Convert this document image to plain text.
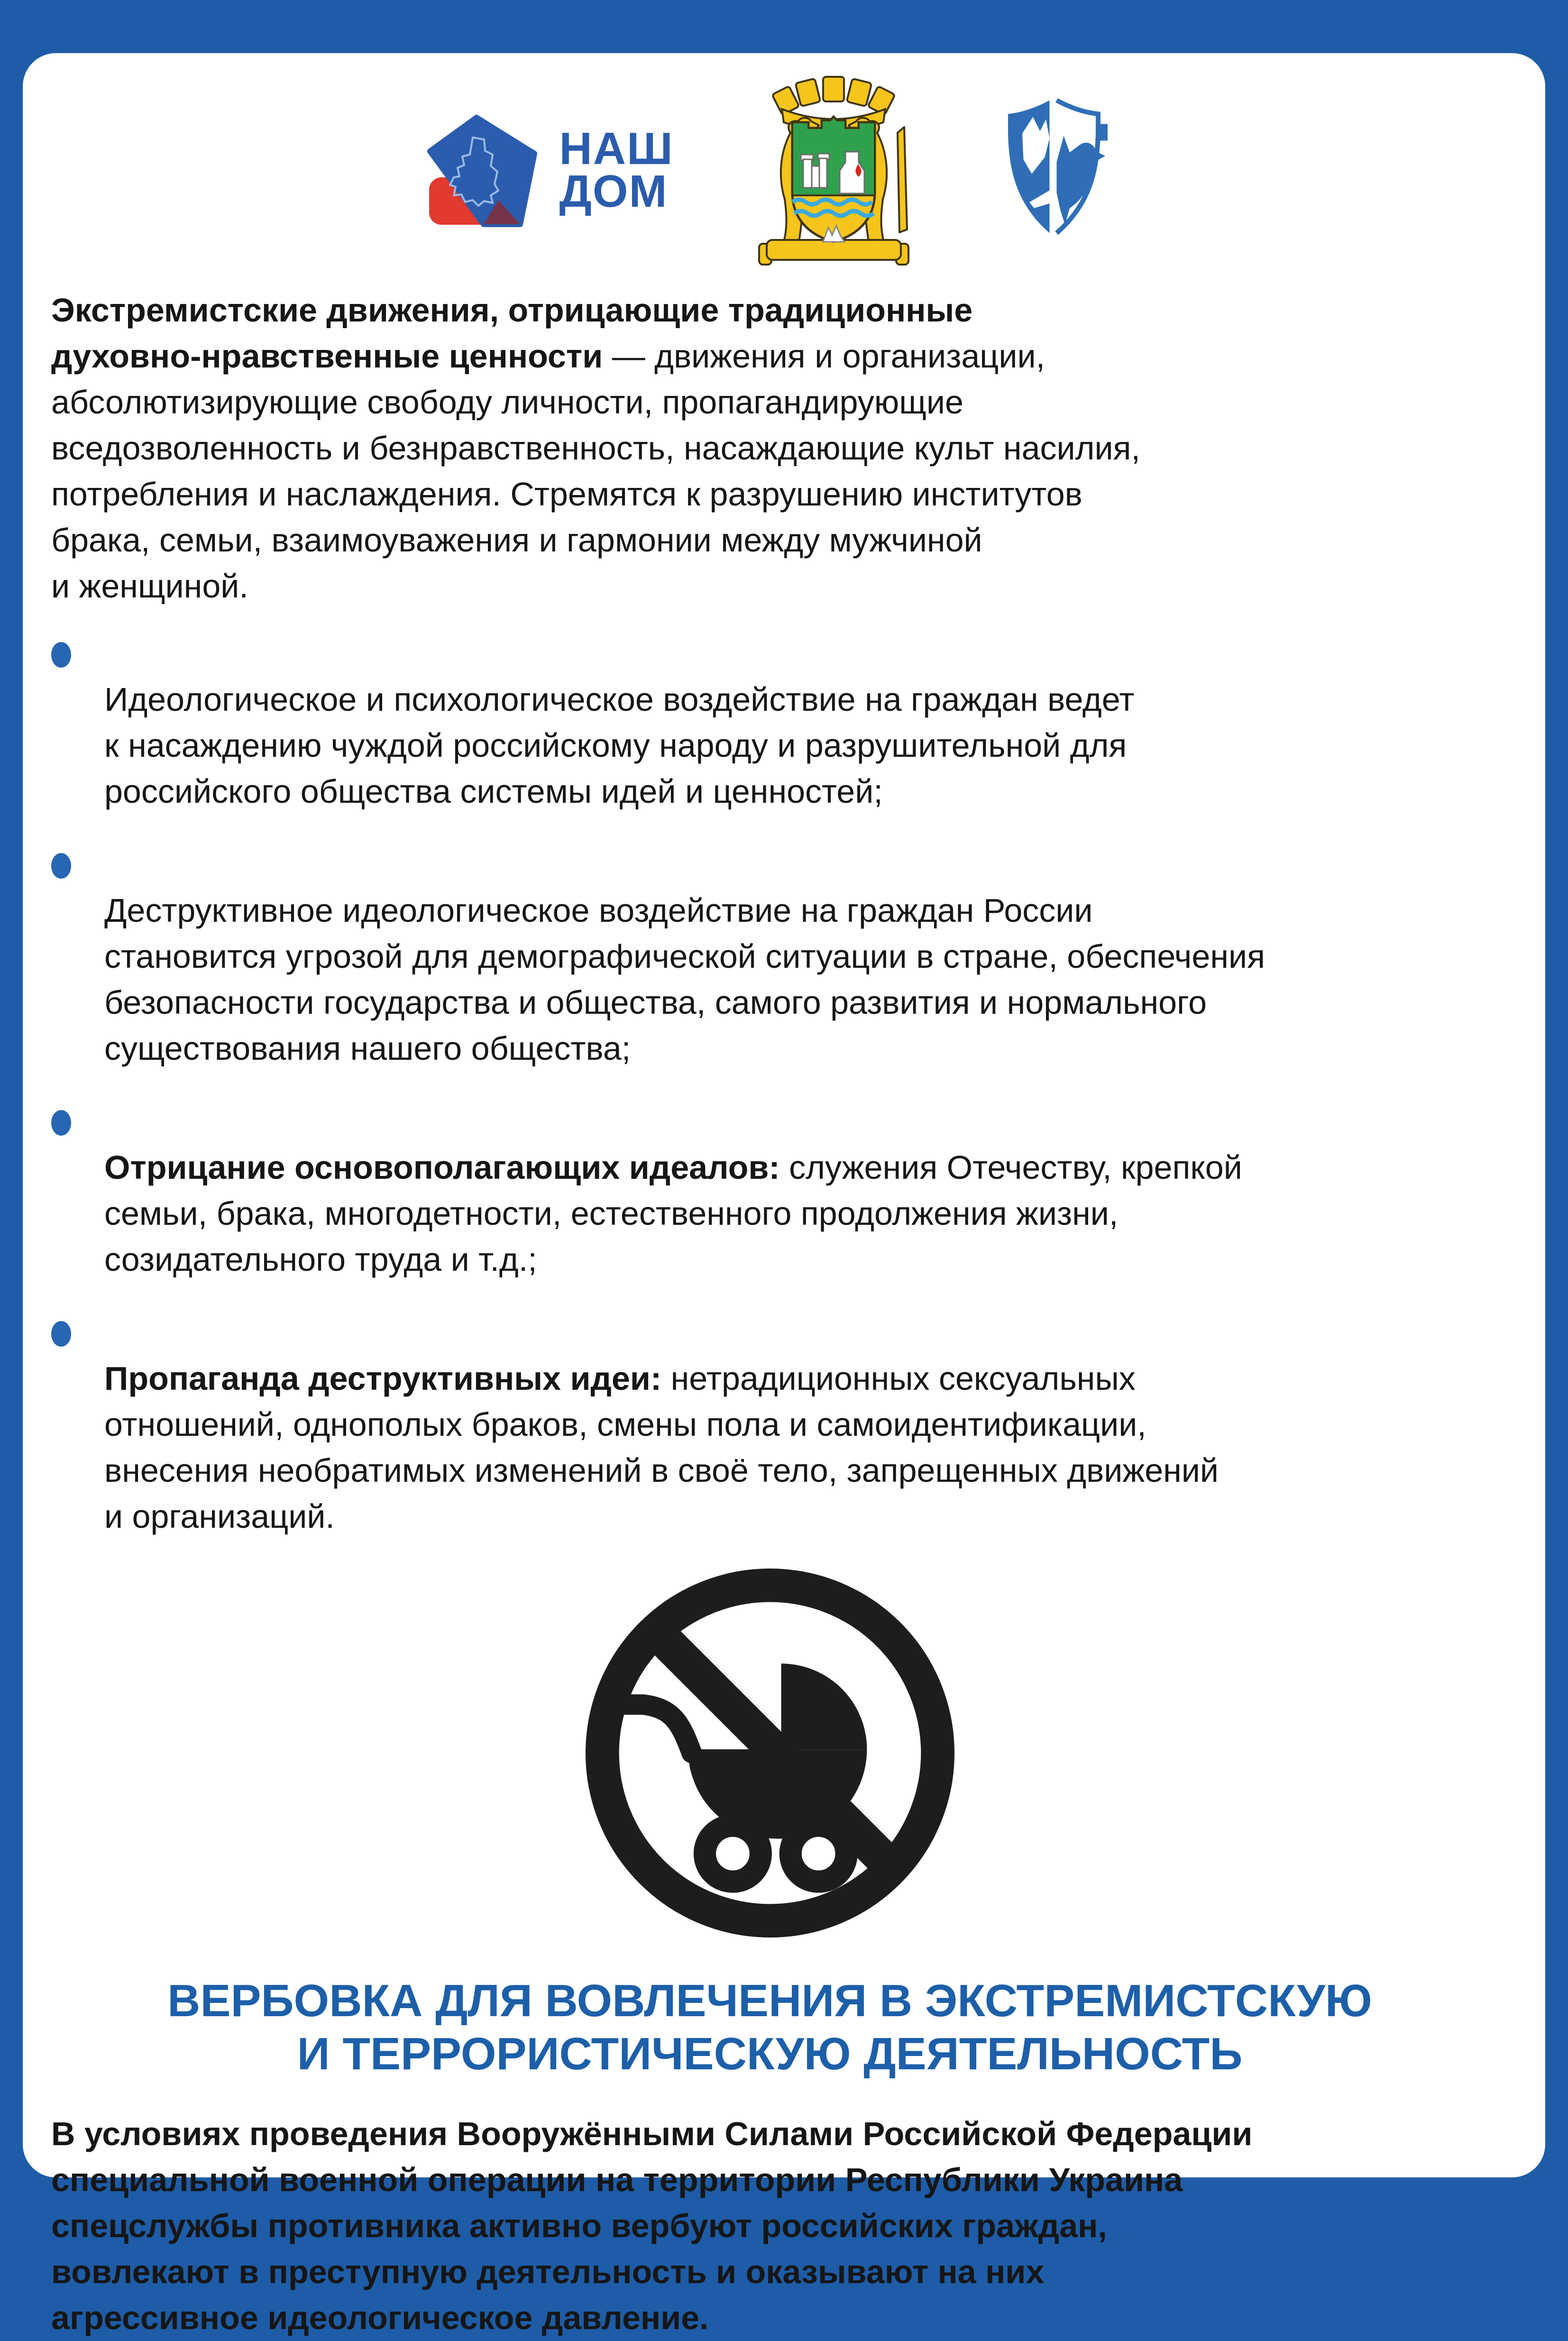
НАШ
ДОМ

Экстремистские движения, отрицающие традиционные
духовно-нравственные ценности — движения и организации,
абсолютизирующие свободу личности, пропагандирующие
вседозволенность и безнравственность, насаждающие культ насилия,
потребления и наслаждения. Стремятся к разрушению институтов
брака, семьи, взаимоуважения и гармонии между мужчиной
и женщиной.

Идеологическое и психологическое воздействие на граждан ведет
к насаждению чуждой российскому народу и разрушительной для
российского общества системы идей и ценностей;

Деструктивное идеологическое воздействие на граждан России
становится угрозой для демографической ситуации в стране, обеспечения
безопасности государства и общества, самого развития и нормального
существования нашего общества;

Отрицание основополагающих идеалов: служения Отечеству, крепкой
семьи, брака, многодетности, естественного продолжения жизни,
созидательного труда и т.д.;

Пропаганда деструктивных идеи: нетрадиционных сексуальных
отношений, однополых браков, смены пола и самоидентификации,
внесения необратимых изменений в своё тело, запрещенных движений
и организаций.

ВЕРБОВКА ДЛЯ ВОВЛЕЧЕНИЯ В ЭКСТРЕМИСТСКУЮ
И ТЕРРОРИСТИЧЕСКУЮ ДЕЯТЕЛЬНОСТЬ

В условиях проведения Вооружёнными Силами Российской Федерации
специальной военной операции на территории Республики Украина
спецслужбы противника активно вербуют российских граждан,
вовлекают в преступную деятельность и оказывают на них
агрессивное идеологическое давление.
